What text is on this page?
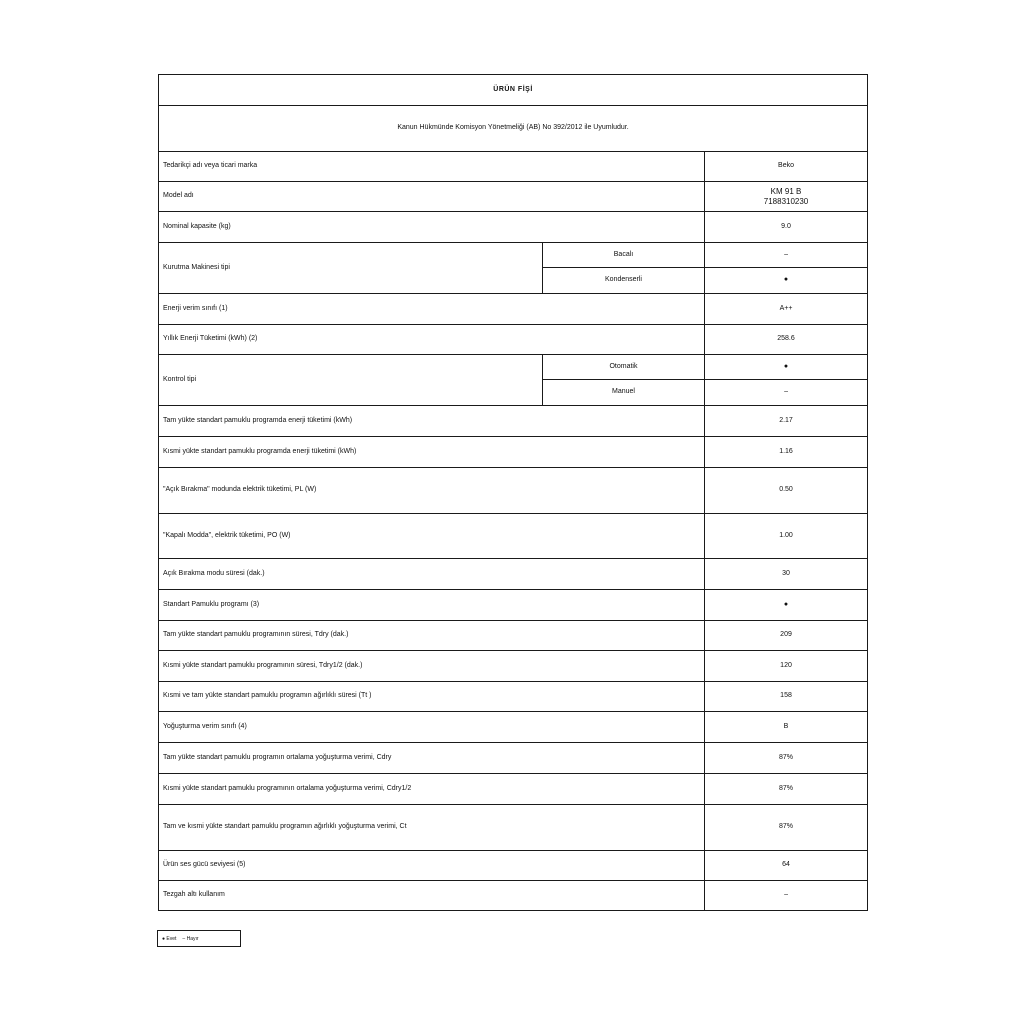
ÜRÜN FİŞİ		
Kanun Hükmünde Komisyon Yönetmeliği (AB) No 392/2012 ile Uyumludur.		
Tedarikçi adı veya ticari marka		Beko
Model adı		KM 91 B
7188310230

Nominal kapasite (kg)		9.0
Kurutma Makinesi tipi	Bacalı	–
	Kondenserli	●
Enerji verim sınıfı (1)		A++
Yıllık Enerji Tüketimi (kWh) (2)		258.6
Kontrol tipi	Otomatik	●
	Manuel	–
Tam yükte standart pamuklu programda enerji tüketimi (kWh)		2.17
Kısmi yükte standart pamuklu programda enerji tüketimi (kWh)		1.16
"Açık Bırakma" modunda elektrik tüketimi, PL (W)		0.50
"Kapalı Modda", elektrik tüketimi, PO (W)		1.00
Açık Bırakma modu süresi (dak.)		30
Standart Pamuklu programı (3)		●
Tam yükte standart pamuklu programının süresi, Tdry (dak.)		209
Kısmi yükte standart pamuklu programının süresi, Tdry1/2 (dak.)		120
Kısmi ve tam yükte standart pamuklu programın ağırlıklı süresi (Tt )		158
Yoğuşturma verim sınıfı (4)		B
Tam yükte standart pamuklu programın ortalama yoğuşturma verimi, Cdry		87%
Kısmi yükte standart pamuklu programının ortalama yoğuşturma verimi, Cdry1/2		87%
Tam ve kısmi yükte standart pamuklu programın ağırlıklı yoğuşturma verimi, Ct		87%
Ürün ses gücü seviyesi (5)		64
Tezgah altı kullanım		–
● Evet – Hayır
